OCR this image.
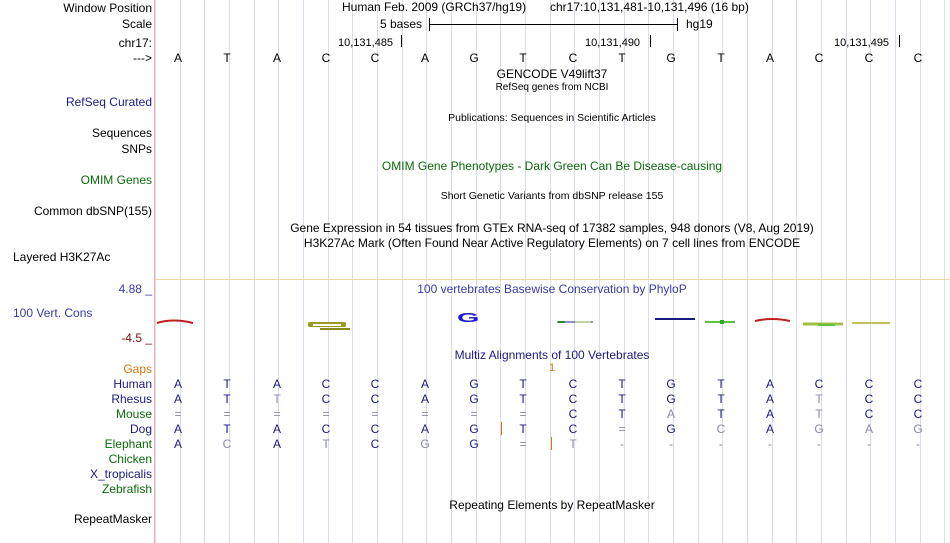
Window Position	Human Feb. 2009 (GRCh37/hg19) chr17:10,131,481-10,131,496 (16 bp)
Scale	5 bases	hg19
chr17:	10,131,485	10,131,490	10,131,495
--->	A	T	A	C	C	A	G	T	C	T	G	T	A	C	C	C
GENCODE V49lift37
RefSeq genes from NCBI
RefSeq Curated
Publications: Sequences in Scientific Articles
Sequences
SNPs
OMIM Gene Phenotypes - Dark Green Can Be Disease-causing
OMIM Genes
Short Genetic Variants from dbSNP release 155
Common dbSNP(155)
Gene Expression in 54 tissues from GTEx RNA-seq of 17382 samples, 948 donors (V8, Aug 2019)
H3K27Ac Mark (Often Found Near Active Regulatory Elements) on 7 cell lines from ENCODE
Layered H3K27Ac
100 vertebrates Basewise Conservation by PhyloP
4.88 _
100 Vert. Cons
-4.5 _
G
Multiz Alignments of 100 Vertebrates
Gaps	1
Human	A	T	A	C	C	A	G	T	C	T	G	T	A	C	C	C
Rhesus	A	T	T	C	C	A	G	T	C	T	G	T	A	T	C	C
Mouse	=	=	=	=	=	=	=	=	C	T	A	T	A	T	C	C
Dog	A	T	A	C	C	A	G	T	C	=	G	C	A	G	A	G
Elephant	A	C	A	T	C	G	G	=	T	-	-	-	-	-	-	-
Chicken
X_tropicalis
Zebrafish
Repeating Elements by RepeatMasker
RepeatMasker
